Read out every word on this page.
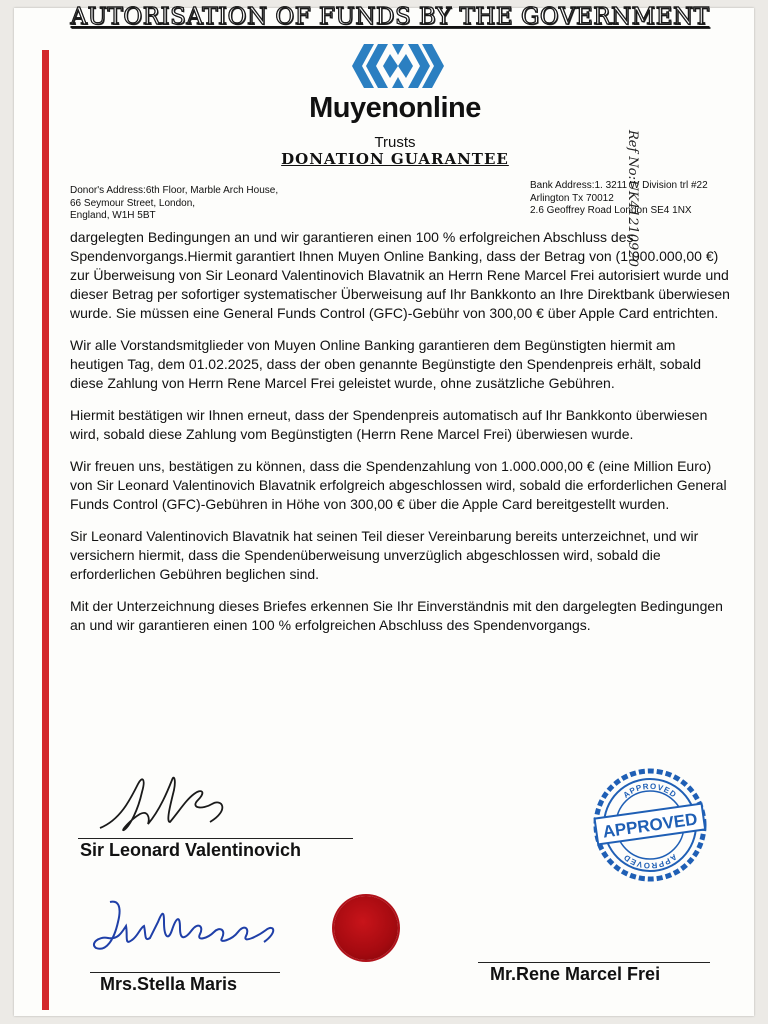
AUTORISATION OF FUNDS BY THE GOVERNMENT
Ref No:UK41210920
Muyenonline
Trusts
DONATION GUARANTEE
Donor's Address:6th Floor, Marble Arch House,
66 Seymour Street, London,
England, W1H 5BT
Bank Address:1. 3211 W Division trl #22
Arlington Tx 70012
2.6 Geoffrey Road London SE4 1NX

dargelegten Bedingungen an und wir garantieren einen 100 % erfolgreichen Abschluss des Spendenvorgangs.Hiermit garantiert Ihnen Muyen Online Banking, dass der Betrag von (1.000.000,00 €) zur Überweisung von Sir Leonard Valentinovich Blavatnik an Herrn Rene Marcel Frei autorisiert wurde und dieser Betrag per sofortiger systematischer Überweisung auf Ihr Bankkonto an Ihre Direktbank überwiesen wurde. Sie müssen eine General Funds Control (GFC)-Gebühr von 300,00 € über Apple Card entrichten.

Wir alle Vorstandsmitglieder von Muyen Online Banking garantieren dem Begünstigten hiermit am heutigen Tag, dem 01.02.2025, dass der oben genannte Begünstigte den Spendenpreis erhält, sobald diese Zahlung von Herrn Rene Marcel Frei geleistet wurde, ohne zusätzliche Gebühren.

Hiermit bestätigen wir Ihnen erneut, dass der Spendenpreis automatisch auf Ihr Bankkonto überwiesen wird, sobald diese Zahlung vom Begünstigten (Herrn Rene Marcel Frei) überwiesen wurde.

Wir freuen uns, bestätigen zu können, dass die Spendenzahlung von 1.000.000,00 € (eine Million Euro) von Sir Leonard Valentinovich Blavatnik erfolgreich abgeschlossen wird, sobald die erforderlichen General Funds Control (GFC)-Gebühren in Höhe von 300,00 € über die Apple Card bereitgestellt wurden.

Sir Leonard Valentinovich Blavatnik hat seinen Teil dieser Vereinbarung bereits unterzeichnet, und wir versichern hiermit, dass die Spendenüberweisung unverzüglich abgeschlossen wird, sobald die erforderlichen Gebühren beglichen sind.

Mit der Unterzeichnung dieses Briefes erkennen Sie Ihr Einverständnis mit den dargelegten Bedingungen an und wir garantieren einen 100 % erfolgreichen Abschluss des Spendenvorgangs.

Sir Leonard Valentinovich
Mrs.Stella Maris	Mr.Rene Marcel Frei
APPROVED
APPROVED
APPROVED
